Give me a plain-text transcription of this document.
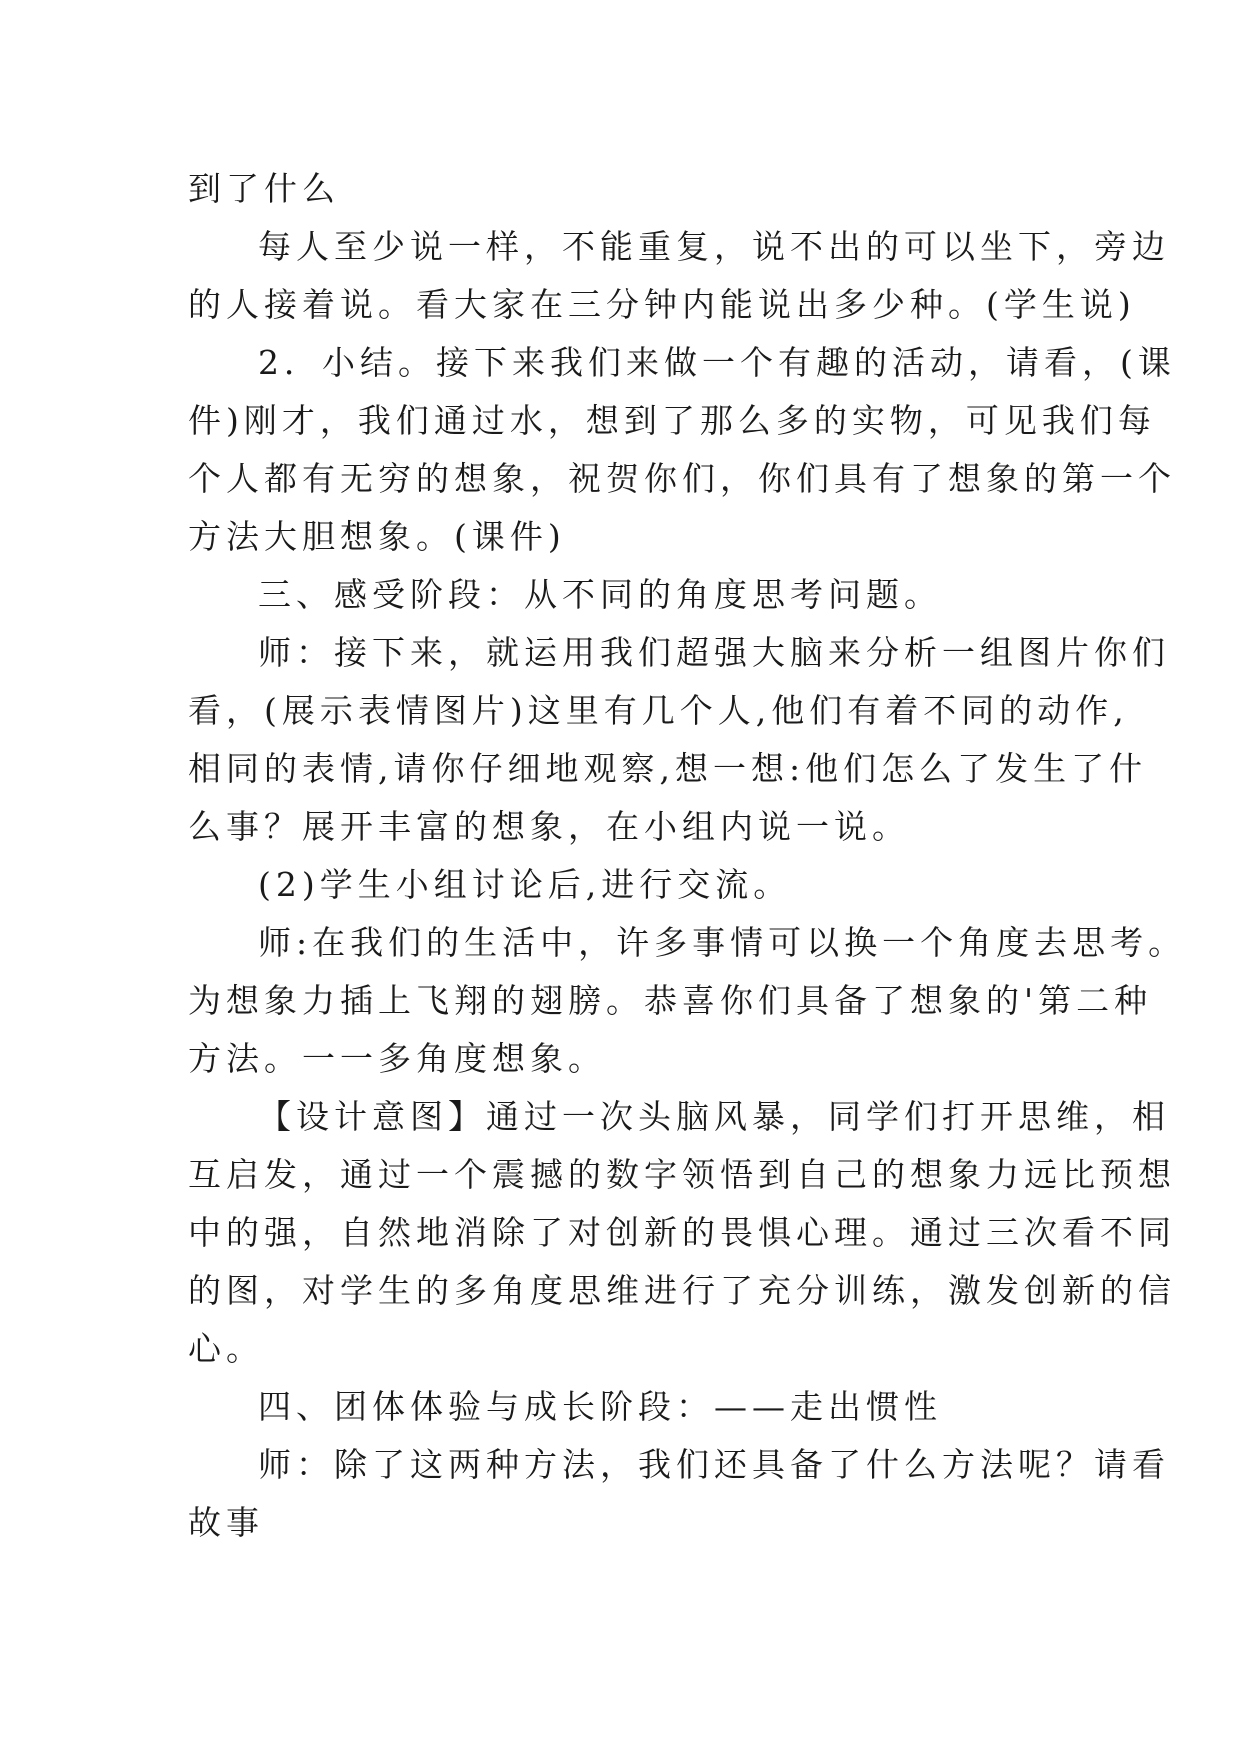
到了什么
每人至少说一样，不能重复，说不出的可以坐下，旁边
的人接着说。看大家在三分钟内能说出多少种。(学生说)
2．小结。接下来我们来做一个有趣的活动，请看，(课
件)刚才，我们通过水，想到了那么多的实物，可见我们每
个人都有无穷的想象，祝贺你们，你们具有了想象的第一个
方法大胆想象。(课件)
三、感受阶段：从不同的角度思考问题。
师：接下来，就运用我们超强大脑来分析一组图片你们
看，(展示表情图片)这里有几个人,他们有着不同的动作,
相同的表情,请你仔细地观察,想一想:他们怎么了发生了什
么事？展开丰富的想象，在小组内说一说。
(2)学生小组讨论后,进行交流。
师:在我们的生活中，许多事情可以换一个角度去思考。
为想象力插上飞翔的翅膀。恭喜你们具备了想象的'第二种
方法。一一多角度想象。
【设计意图】通过一次头脑风暴，同学们打开思维，相
互启发，通过一个震撼的数字领悟到自己的想象力远比预想
中的强，自然地消除了对创新的畏惧心理。通过三次看不同
的图，对学生的多角度思维进行了充分训练，激发创新的信
心。
四、团体体验与成长阶段：——走出惯性
师：除了这两种方法，我们还具备了什么方法呢？请看
故事
